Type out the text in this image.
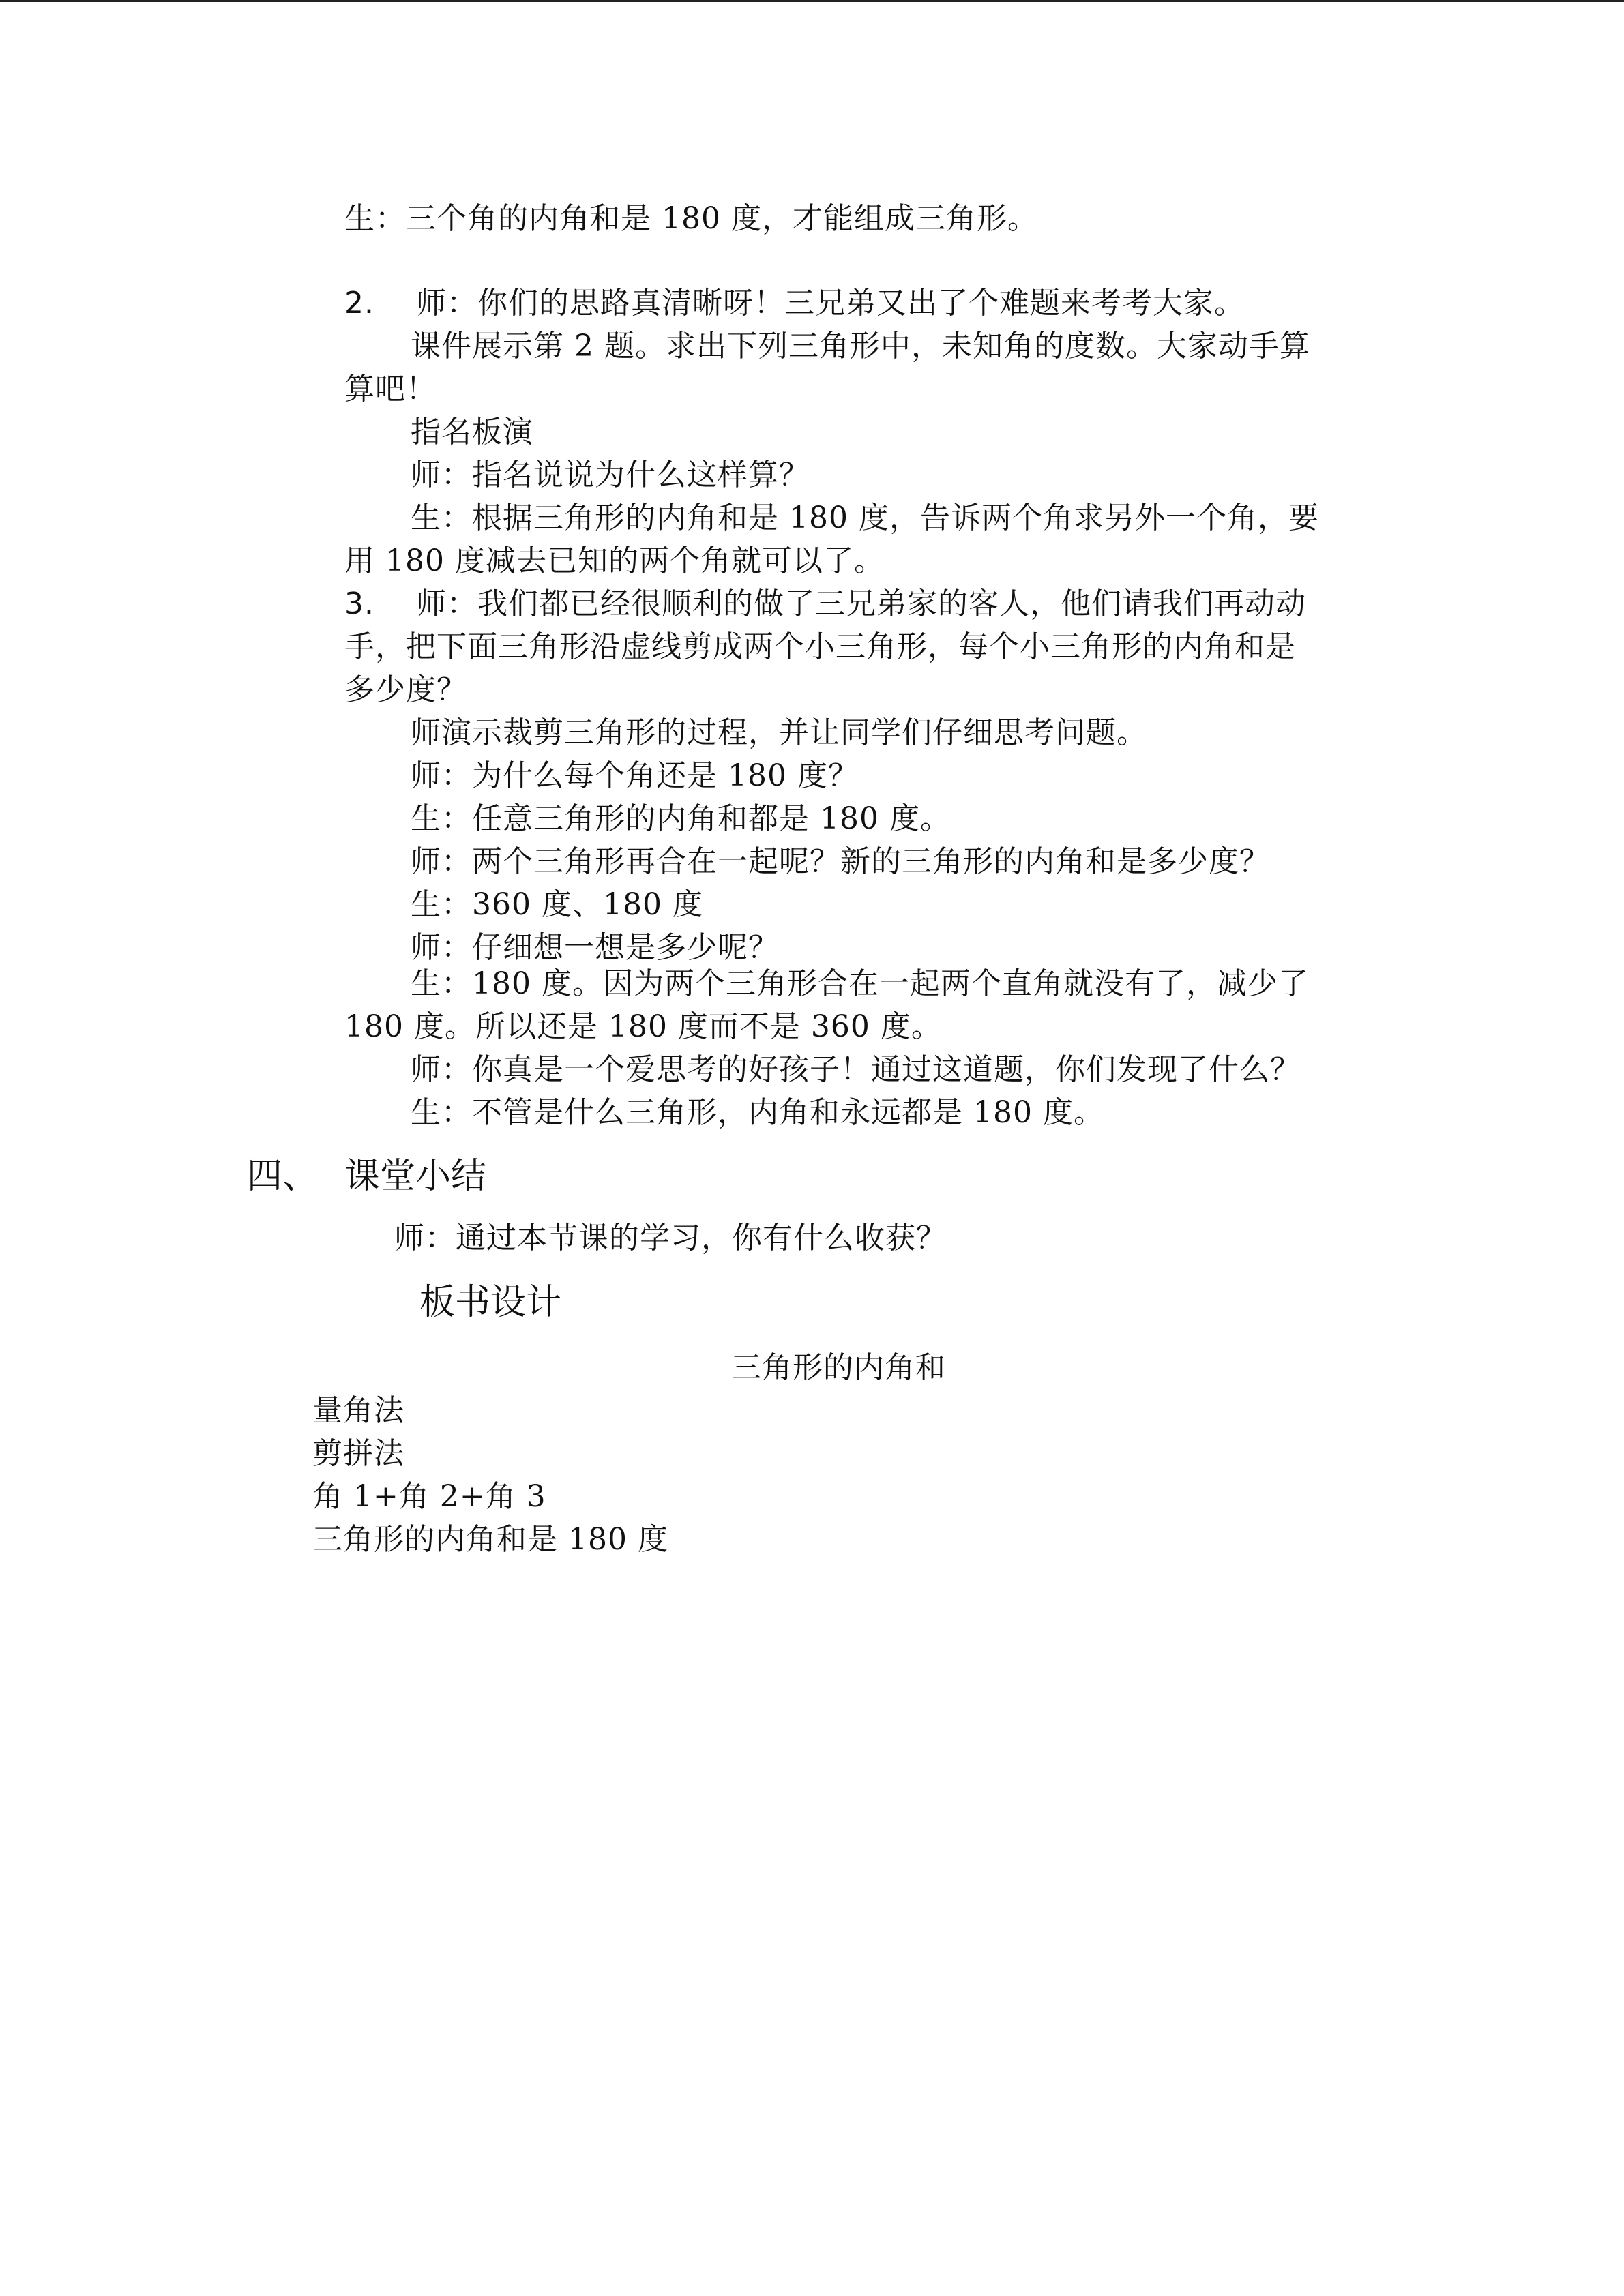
生：三个角的内角和是 180 度，才能组成三角形。
2. 师：你们的思路真清晰呀！三兄弟又出了个难题来考考大家。
课件展示第 2 题。求出下列三角形中，未知角的度数。大家动手算
算吧！
指名板演
师：指名说说为什么这样算？
生：根据三角形的内角和是 180 度，告诉两个角求另外一个角，要
用 180 度减去已知的两个角就可以了。
3. 师：我们都已经很顺利的做了三兄弟家的客人，他们请我们再动动
手，把下面三角形沿虚线剪成两个小三角形，每个小三角形的内角和是
多少度？
师演示裁剪三角形的过程，并让同学们仔细思考问题。
师：为什么每个角还是 180 度？
生：任意三角形的内角和都是 180 度。
师：两个三角形再合在一起呢？新的三角形的内角和是多少度？
生：360 度、180 度
师：仔细想一想是多少呢？
生：180 度。因为两个三角形合在一起两个直角就没有了，减少了
180 度。所以还是 180 度而不是 360 度。
师：你真是一个爱思考的好孩子！通过这道题，你们发现了什么？
生：不管是什么三角形，内角和永远都是 180 度。
四、 课堂小结
师：通过本节课的学习，你有什么收获？
板书设计
三角形的内角和
量角法
剪拼法
角 1+角 2+角 3
三角形的内角和是 180 度
